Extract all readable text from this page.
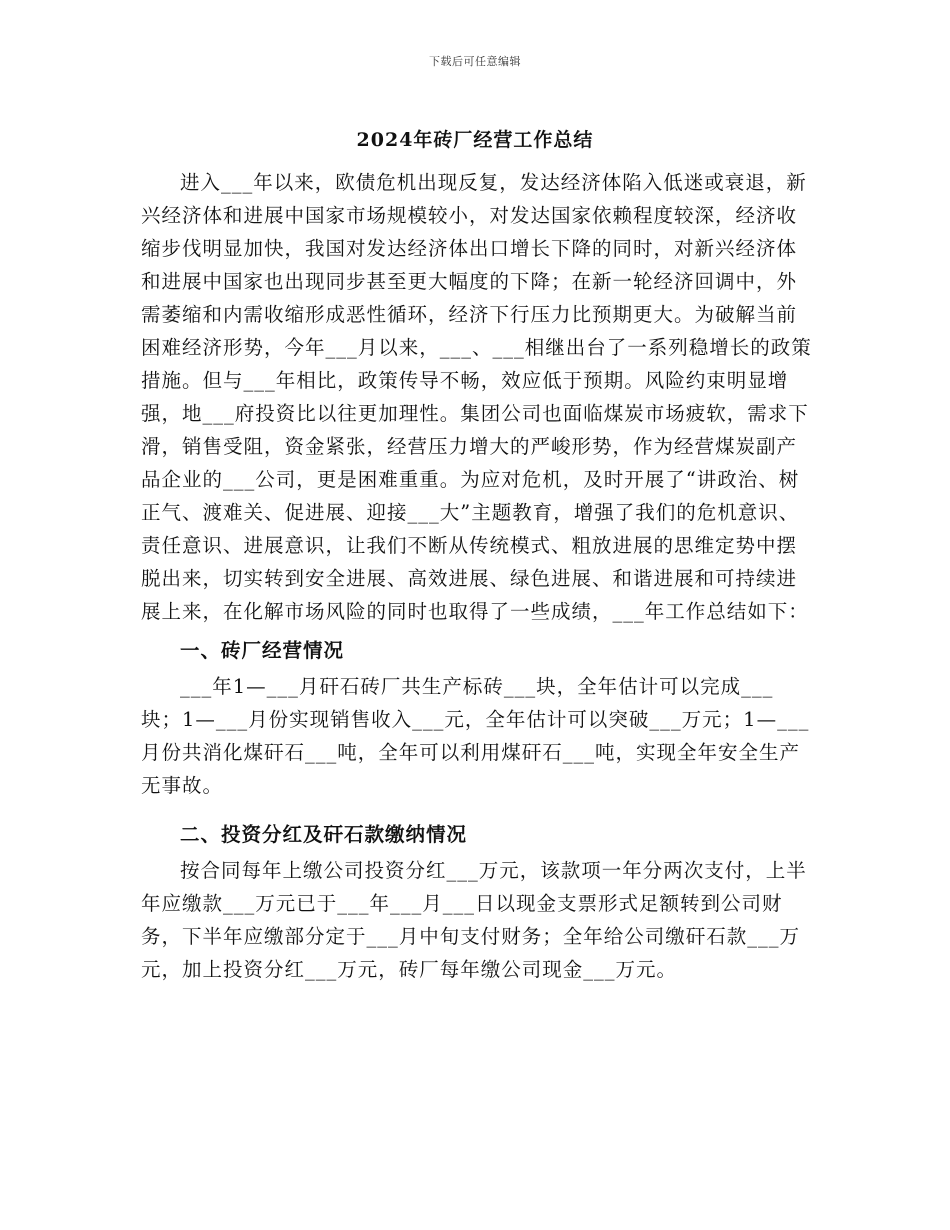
下载后可任意编辑
2024年砖厂经营工作总结

进入___年以来，欧债危机出现反复，发达经济体陷入低迷或衰退，新兴经济体和进展中国家市场规模较小，对发达国家依赖程度较深，经济收缩步伐明显加快，我国对发达经济体出口增长下降的同时，对新兴经济体和进展中国家也出现同步甚至更大幅度的下降；在新一轮经济回调中，外需萎缩和内需收缩形成恶性循环，经济下行压力比预期更大。为破解当前困难经济形势，今年___月以来，___、___相继出台了一系列稳增长的政策措施。但与___年相比，政策传导不畅，效应低于预期。风险约束明显增强，地___府投资比以往更加理性。集团公司也面临煤炭市场疲软，需求下滑，销售受阻，资金紧张，经营压力增大的严峻形势，作为经营煤炭副产品企业的___公司，更是困难重重。为应对危机，及时开展了“讲政治、树正气、渡难关、促进展、迎接___大”主题教育，增强了我们的危机意识、责任意识、进展意识，让我们不断从传统模式、粗放进展的思维定势中摆脱出来，切实转到安全进展、高效进展、绿色进展、和谐进展和可持续进展上来，在化解市场风险的同时也取得了一些成绩，___年工作总结如下：

一、砖厂经营情况

___年1—___月矸石砖厂共生产标砖___块，全年估计可以完成___块；1—___月份实现销售收入___元，全年估计可以突破___万元；1—___月份共消化煤矸石___吨，全年可以利用煤矸石___吨，实现全年安全生产无事故。

二、投资分红及矸石款缴纳情况

按合同每年上缴公司投资分红___万元，该款项一年分两次支付，上半年应缴款___万元已于___年___月___日以现金支票形式足额转到公司财务，下半年应缴部分定于___月中旬支付财务；全年给公司缴矸石款___万元，加上投资分红___万元，砖厂每年缴公司现金___万元。
